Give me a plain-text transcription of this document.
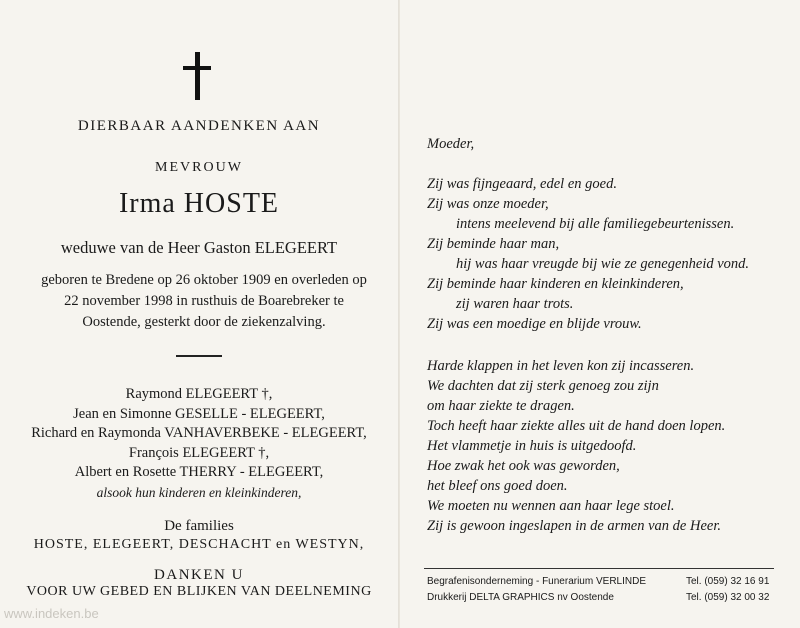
DIERBAAR AANDENKEN AAN
MEVROUW
Irma HOSTE
weduwe van de Heer Gaston ELEGEERT
geboren te Bredene op 26 oktober 1909 en overleden op
22 november 1998 in rusthuis de Boarebreker te
Oostende, gesterkt door de ziekenzalving.
Raymond ELEGEERT †,
Jean en Simonne GESELLE - ELEGEERT,
Richard en Raymonda VANHAVERBEKE - ELEGEERT,
François ELEGEERT †,
Albert en Rosette THERRY - ELEGEERT,
alsook hun kinderen en kleinkinderen,
De families
HOSTE, ELEGEERT, DESCHACHT en WESTYN,
DANKEN U
VOOR UW GEBED EN BLIJKEN VAN DEELNEMING
Moeder,
Zij was fijngeaard, edel en goed.
Zij was onze moeder,
intens meelevend bij alle familiegebeurtenissen.
Zij beminde haar man,
hij was haar vreugde bij wie ze genegenheid vond.
Zij beminde haar kinderen en kleinkinderen,
zij waren haar trots.
Zij was een moedige en blijde vrouw.
Harde klappen in het leven kon zij incasseren.
We dachten dat zij sterk genoeg zou zijn
om haar ziekte te dragen.
Toch heeft haar ziekte alles uit de hand doen lopen.
Het vlammetje in huis is uitgedoofd.
Hoe zwak het ook was geworden,
het bleef ons goed doen.
We moeten nu wennen aan haar lege stoel.
Zij is gewoon ingeslapen in de armen van de Heer.
Begrafenisonderneming - Funerarium VERLINDE	Tel. (059) 32 16 91
Drukkerij DELTA GRAPHICS nv Oostende	Tel. (059) 32 00 32
www.indeken.be
